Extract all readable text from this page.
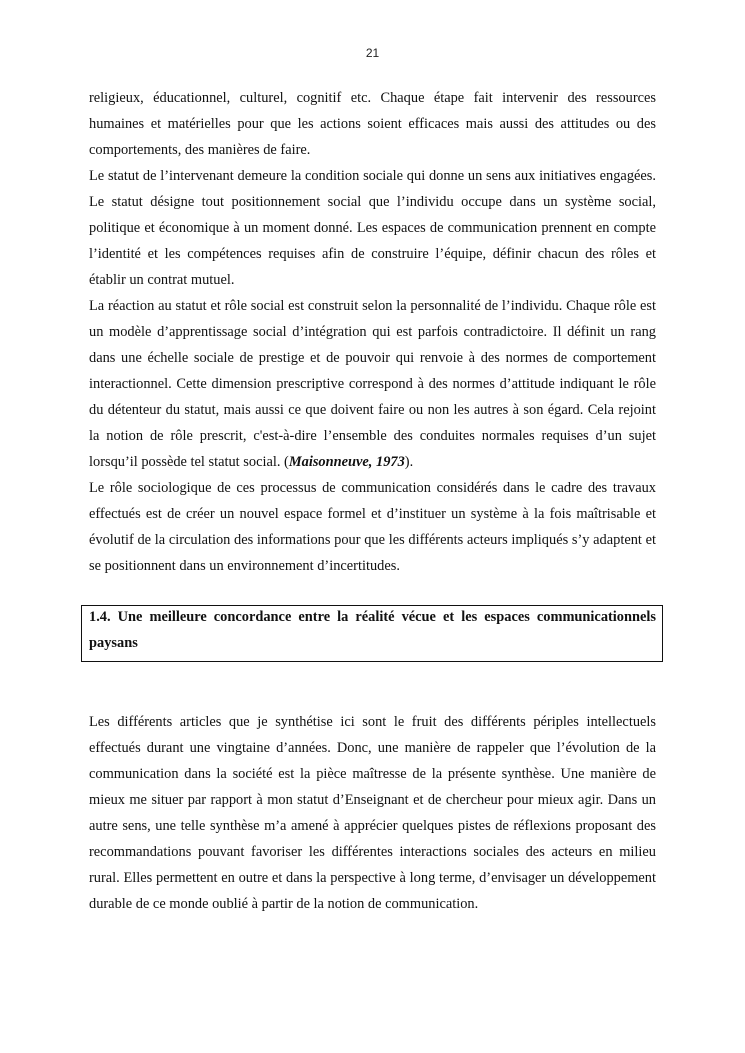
21

religieux, éducationnel, culturel, cognitif etc. Chaque étape fait intervenir des ressources humaines et matérielles pour que les actions soient efficaces mais aussi des attitudes ou des comportements, des manières de faire.

Le statut de l’intervenant demeure la condition sociale qui donne un sens aux initiatives engagées. Le statut désigne tout positionnement social que l’individu occupe dans un système social, politique et économique à un moment donné. Les espaces de communication prennent en compte l’identité et les compétences requises afin de construire l’équipe, définir chacun des rôles et établir un contrat mutuel.

La réaction au statut et rôle social est construit selon la personnalité de l’individu. Chaque rôle est un modèle d’apprentissage social d’intégration qui est parfois contradictoire. Il définit un rang dans une échelle sociale de prestige et de pouvoir qui renvoie à des normes de comportement interactionnel. Cette dimension prescriptive correspond à des normes d’attitude indiquant le rôle du détenteur du statut, mais aussi ce que doivent faire ou non les autres à son égard. Cela rejoint la notion de rôle prescrit, c'est-à-dire l’ensemble des conduites normales requises d’un sujet lorsqu’il possède tel statut social. (Maisonneuve, 1973).

Le rôle sociologique de ces processus de communication considérés dans le cadre des travaux effectués est de créer un nouvel espace formel et d’instituer un système à la fois maîtrisable et évolutif de la circulation des informations pour que les différents acteurs impliqués s’y adaptent et se positionnent dans un environnement d’incertitudes.

1.4. Une meilleure concordance entre la réalité vécue et les espaces communicationnels paysans

Les différents articles que je synthétise ici sont le fruit des différents périples intellectuels effectués durant une vingtaine d’années. Donc, une manière de rappeler que l’évolution de la communication dans la société est la pièce maîtresse de la présente synthèse. Une manière de mieux me situer par rapport à mon statut d’Enseignant et de chercheur pour mieux agir. Dans un autre sens, une telle synthèse m’a amené à apprécier quelques pistes de réflexions proposant des recommandations pouvant favoriser les différentes interactions sociales des acteurs en milieu rural. Elles permettent en outre et dans la perspective à long terme, d’envisager un développement durable de ce monde oublié à partir de la notion de communication.
